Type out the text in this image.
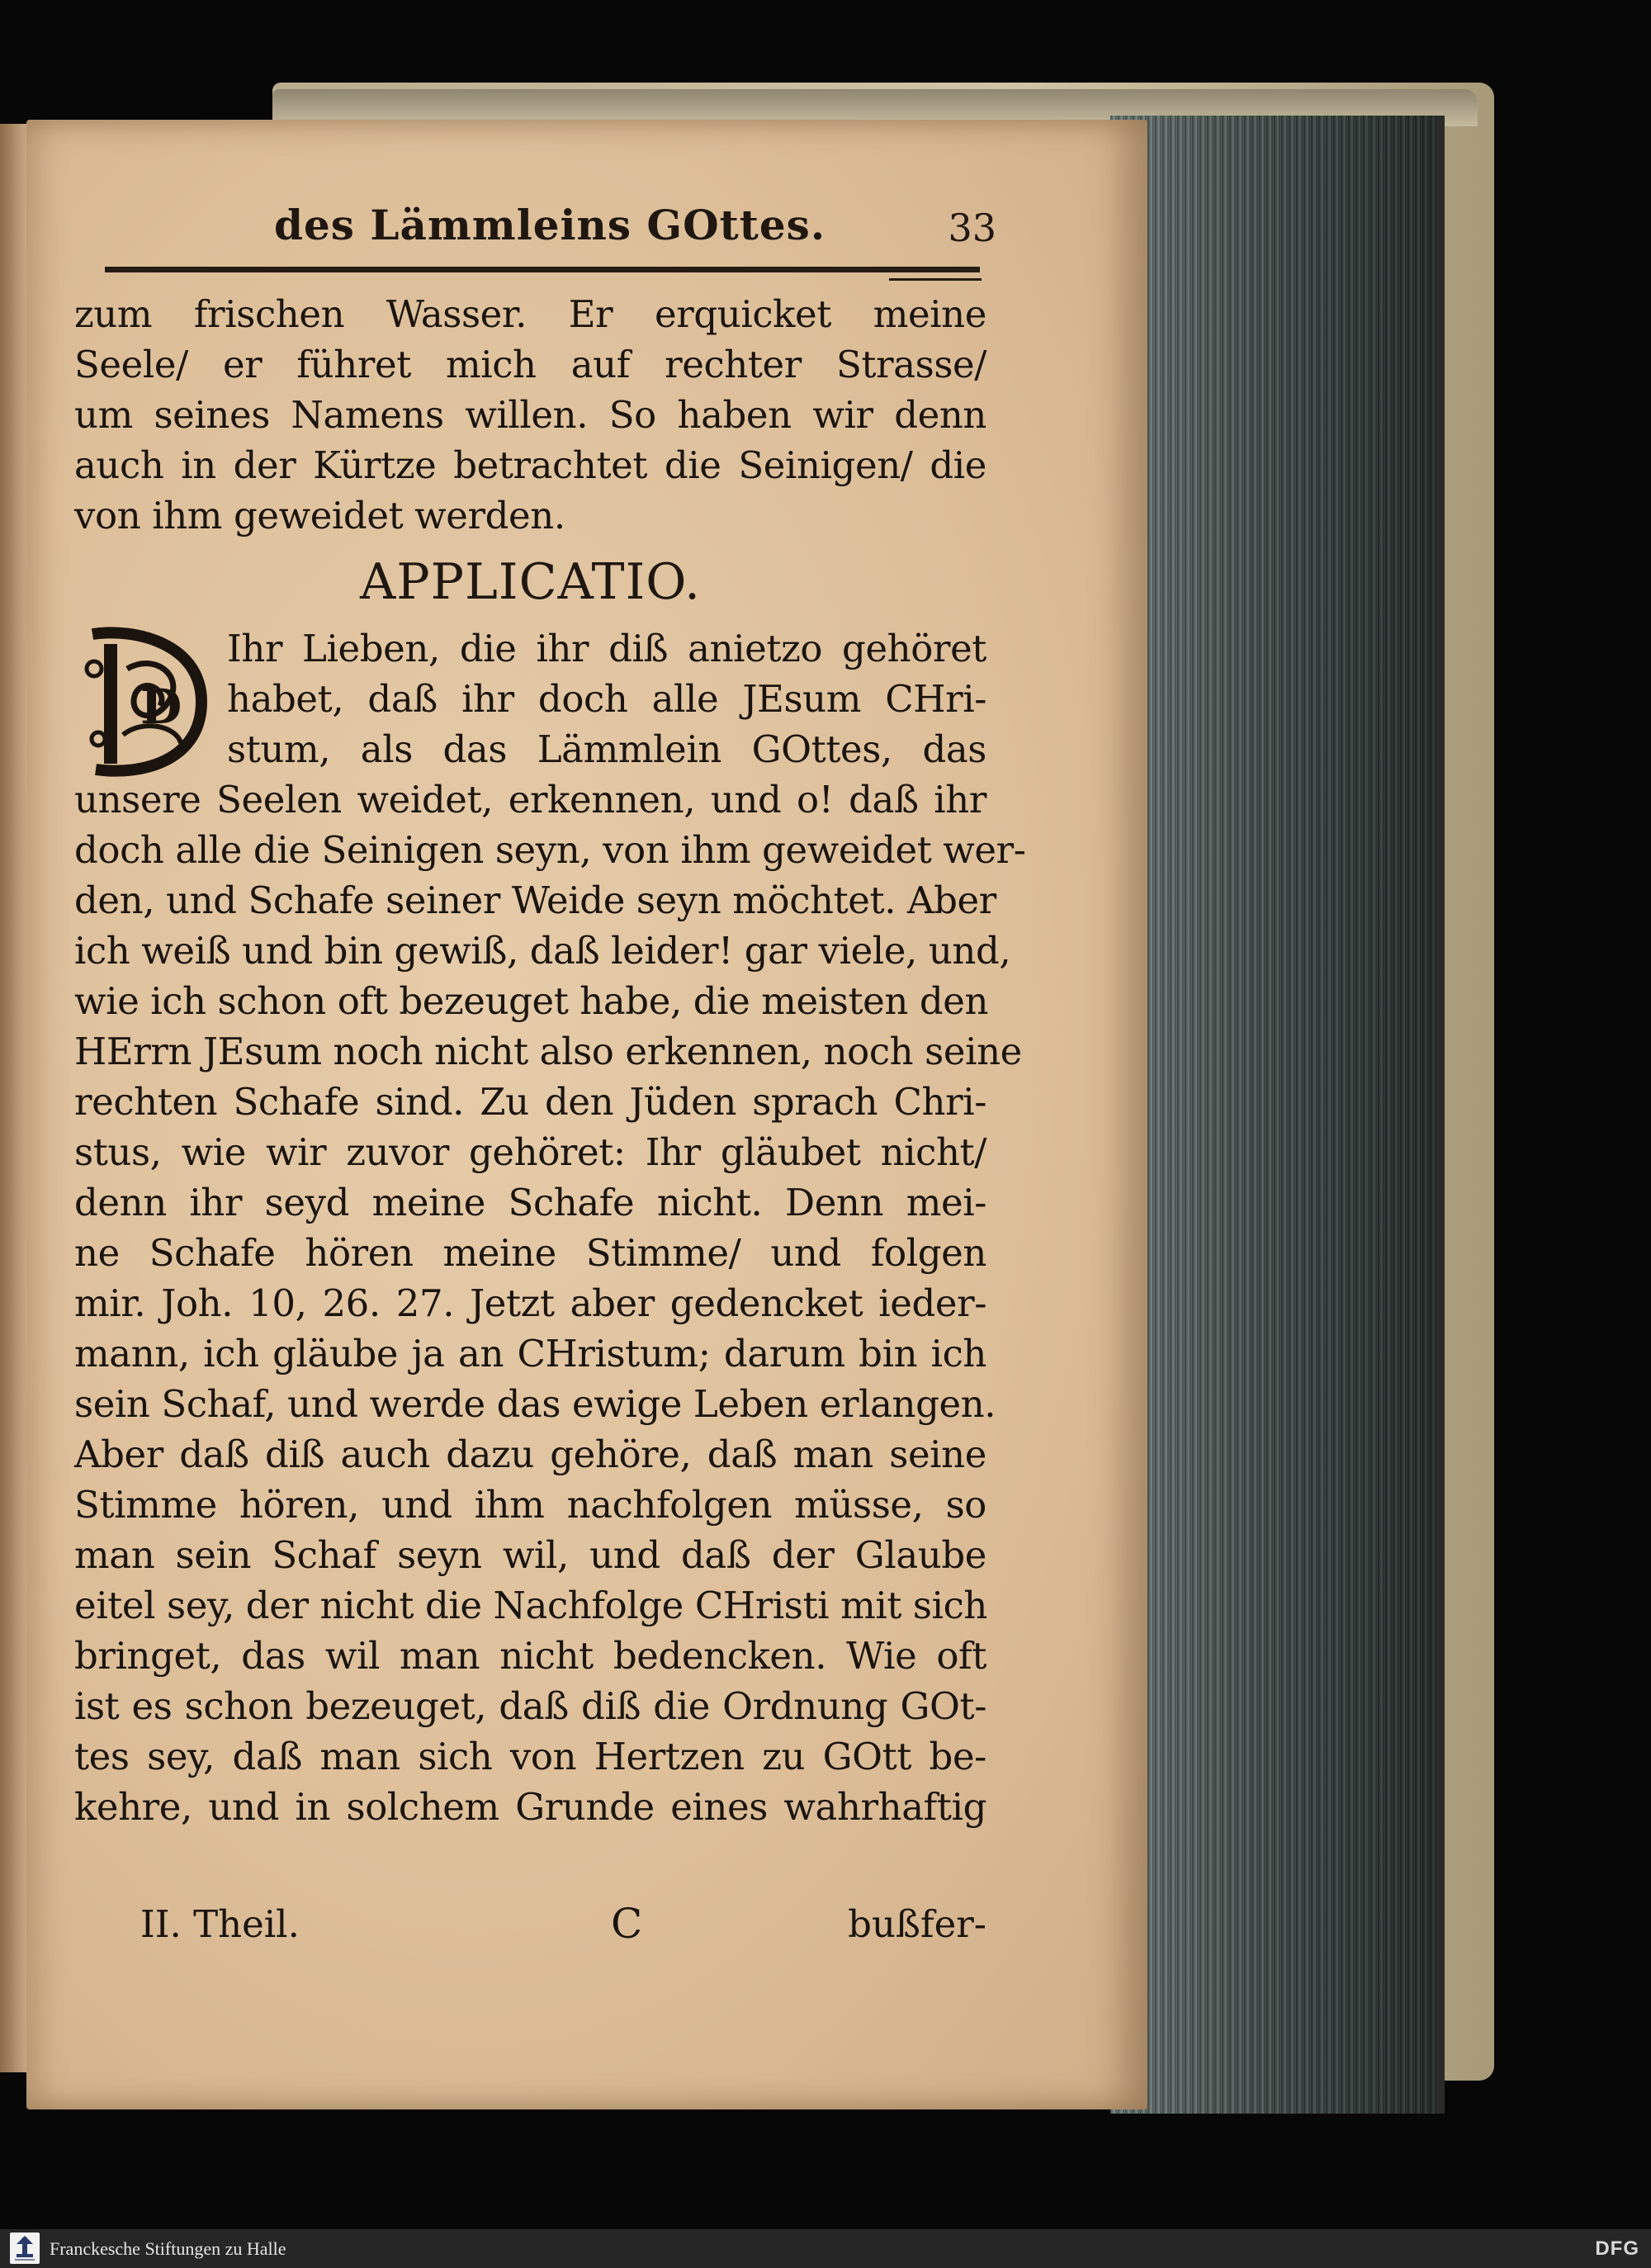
des Lämmleins GOttes.	33
zum frischen Wasser. Er erquicket meine
Seele/ er führet mich auf rechter Strasse/
um seines Namens willen. So haben wir denn
auch in der Kürtze betrachtet die Seinigen/ die
von ihm geweidet werden.
APPLICATIO.
D
Ihr Lieben, die ihr diß anietzo gehöret
habet, daß ihr doch alle JEsum CHri-
stum, als das Lämmlein GOttes, das
unsere Seelen weidet, erkennen, und o! daß ihr
doch alle die Seinigen seyn, von ihm geweidet wer-
den, und Schafe seiner Weide seyn möchtet. Aber
ich weiß und bin gewiß, daß leider! gar viele, und,
wie ich schon oft bezeuget habe, die meisten den
HErrn JEsum noch nicht also erkennen, noch seine
rechten Schafe sind. Zu den Jüden sprach Chri-
stus, wie wir zuvor gehöret: Ihr gläubet nicht/
denn ihr seyd meine Schafe nicht. Denn mei-
ne Schafe hören meine Stimme/ und folgen
mir. Joh. 10, 26. 27. Jetzt aber gedencket ieder-
mann, ich gläube ja an CHristum; darum bin ich
sein Schaf, und werde das ewige Leben erlangen.
Aber daß diß auch dazu gehöre, daß man seine
Stimme hören, und ihm nachfolgen müsse, so
man sein Schaf seyn wil, und daß der Glaube
eitel sey, der nicht die Nachfolge CHristi mit sich
bringet, das wil man nicht bedencken. Wie oft
ist es schon bezeuget, daß diß die Ordnung GOt-
tes sey, daß man sich von Hertzen zu GOtt be-
kehre, und in solchem Grunde eines wahrhaftig
II. Theil.	C	bußfer-
Franckesche Stiftungen zu Halle	DFG
